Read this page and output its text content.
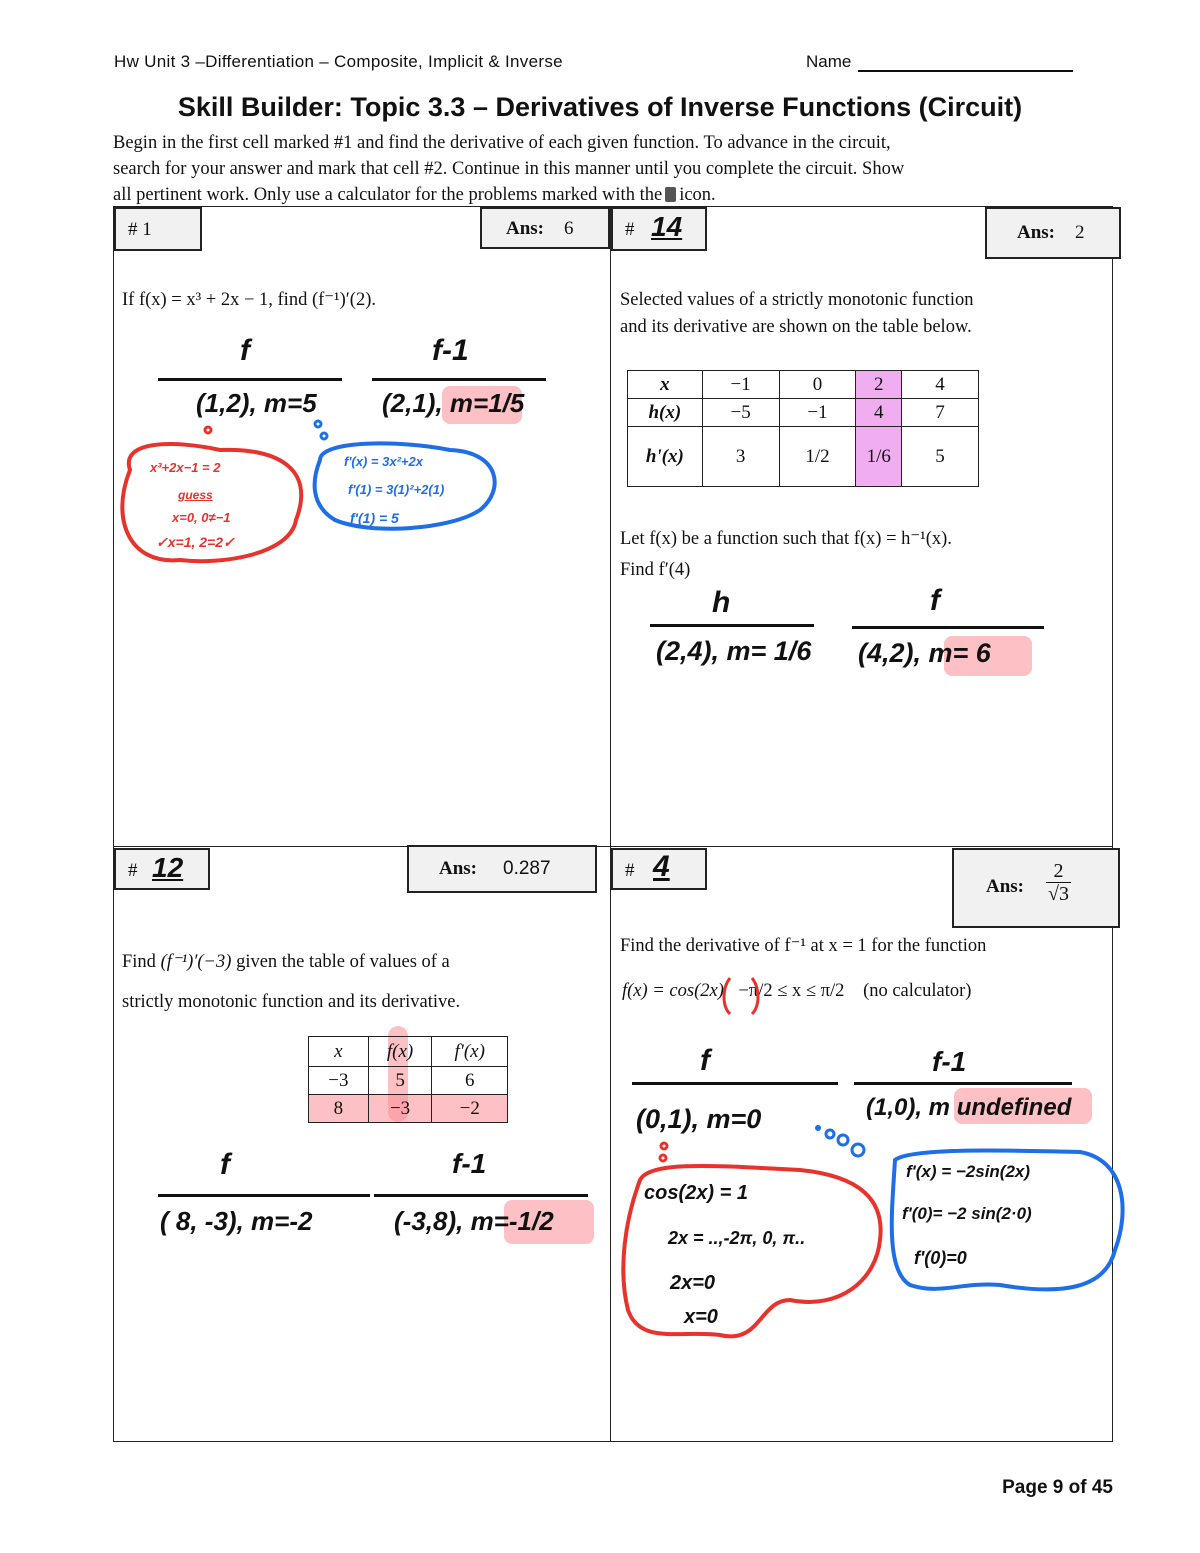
Hw Unit 3 –Differentiation – Composite, Implicit & Inverse	Name
Skill Builder: Topic 3.3 – Derivatives of Inverse Functions (Circuit)
Begin in the first cell marked #1 and find the derivative of each given function. To advance in the circuit,
search for your answer and mark that cell #2. Continue in this manner until you complete the circuit. Show
all pertinent work. Only use a calculator for the problems marked with the icon.
# 1	Ans: 6
If f(x) = x³ + 2x − 1, find (f⁻¹)′(2).
f	f-1
(1,2), m=5	(2,1), m=1/5
x³+2x−1 = 2
guess
x=0, 0≠−1
✓x=1, 2=2✓
f'(x) = 3x²+2x
f'(1) = 3(1)²+2(1)
f'(1) = 5
# 14	Ans: 2
Selected values of a strictly monotonic function
and its derivative are shown on the table below.
x	−1	0	2	4
h(x)	−5	−1	4	7
h'(x)	3	1/2	1/6	5
Let f(x) be a function such that f(x) = h⁻¹(x).
Find f′(4)
h	f
(2,4), m= 1/6 (4,2), m= 6
# 12	Ans: 0.287
Find (f⁻¹)′(−3) given the table of values of a
strictly monotonic function and its derivative.
x	f(x)	f'(x)
−3	5	6
8	−3	−2
f	f-1
( 8, -3), m=-2	(-3,8), m=-1/2
# 4
Ans: $\frac{2}{√3}$
Find the derivative of f⁻¹ at x = 1 for the function
f(x) = cos(2x) −π/2 ≤ x ≤ π/2 (no calculator)
f	f-1
(0,1), m=0	(1,0), m undefined
cos(2x) = 1
2x = ..,-2π, 0, π..
2x=0
x=0
f'(x) = −2sin(2x)
f'(0)= −2 sin(2·0)
f'(0)=0
Page 9 of 45
